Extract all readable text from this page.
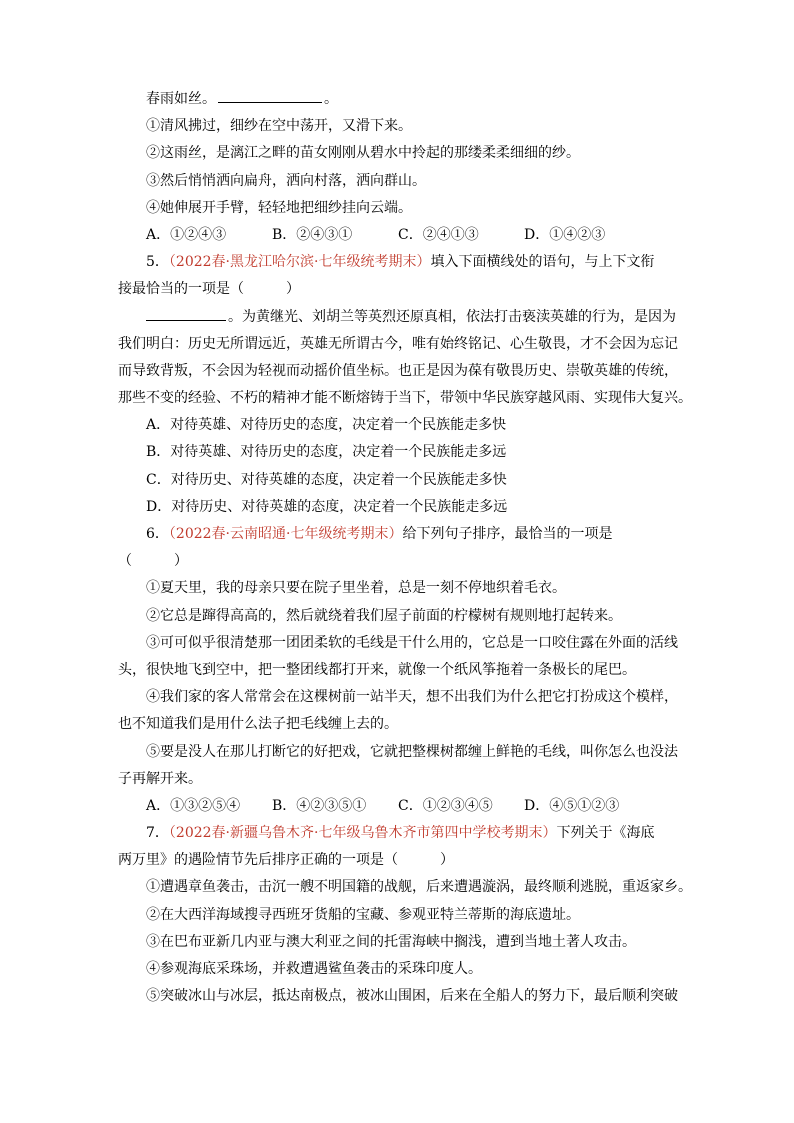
春雨如丝。	。
①清风拂过，细纱在空中荡开，又滑下来。
②这雨丝，是漓江之畔的苗女刚刚从碧水中拎起的那缕柔柔细细的纱。
③然后悄悄洒向扁舟，洒向村落，洒向群山。
④她伸展开手臂，轻轻地把细纱挂向云端。
A．①②④③	B．②④③①	C．②④①③	D．①④②③
5．（2022春·黑龙江哈尔滨·七年级统考期末）填入下面横线处的语句，与上下文衔
接最恰当的一项是（　　　）
。为黄继光、刘胡兰等英烈还原真相，依法打击亵渎英雄的行为，是因为
我们明白：历史无所谓远近，英雄无所谓古今，唯有始终铭记、心生敬畏，才不会因为忘记
而导致背叛，不会因为轻视而动摇价值坐标。也正是因为葆有敬畏历史、崇敬英雄的传统，
那些不变的经验、不朽的精神才能不断熔铸于当下，带领中华民族穿越风雨、实现伟大复兴。
A．对待英雄、对待历史的态度，决定着一个民族能走多快
B．对待英雄、对待历史的态度，决定着一个民族能走多远
C．对待历史、对待英雄的态度，决定着一个民族能走多快
D．对待历史、对待英雄的态度，决定着一个民族能走多远
6．（2022春·云南昭通·七年级统考期末）给下列句子排序，最恰当的一项是
（　　　）
①夏天里，我的母亲只要在院子里坐着，总是一刻不停地织着毛衣。
②它总是蹿得高高的，然后就绕着我们屋子前面的柠檬树有规则地打起转来。
③可可似乎很清楚那一团团柔软的毛线是干什么用的，它总是一口咬住露在外面的活线
头，很快地飞到空中，把一整团线都打开来，就像一个纸风筝拖着一条极长的尾巴。
④我们家的客人常常会在这棵树前一站半天，想不出我们为什么把它打扮成这个模样，
也不知道我们是用什么法子把毛线缠上去的。
⑤要是没人在那儿打断它的好把戏，它就把整棵树都缠上鲜艳的毛线，叫你怎么也没法
子再解开来。
A．①③②⑤④	B．④②③⑤①	C．①②③④⑤	D．④⑤①②③
7．（2022春·新疆乌鲁木齐·七年级乌鲁木齐市第四中学校考期末）下列关于《海底
两万里》的遇险情节先后排序正确的一项是（　　　）
①遭遇章鱼袭击，击沉一艘不明国籍的战舰，后来遭遇漩涡，最终顺利逃脱，重返家乡。
②在大西洋海域搜寻西班牙货船的宝藏、参观亚特兰蒂斯的海底遗址。
③在巴布亚新几内亚与澳大利亚之间的托雷海峡中搁浅，遭到当地土著人攻击。
④参观海底采珠场，并救遭遇鲨鱼袭击的采珠印度人。
⑤突破冰山与冰层，抵达南极点，被冰山围困，后来在全船人的努力下，最后顺利突破
